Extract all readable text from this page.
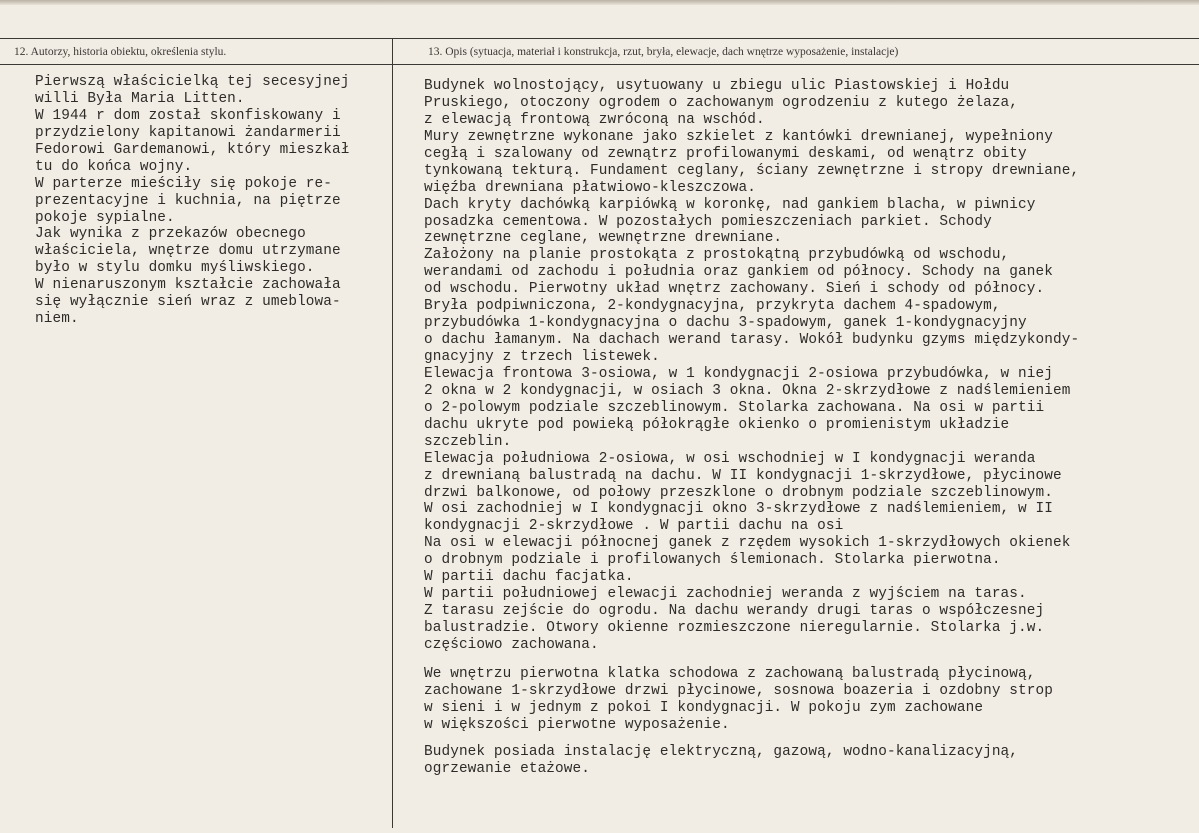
12. Autorzy, historia obiektu, określenia stylu.	13. Opis (sytuacja, materiał i konstrukcja, rzut, bryła, elewacje, dach wnętrze wyposażenie, instalacje)
Pierwszą właścicielką tej secesyjnej
willi Była Maria Litten.
W 1944 r dom został skonfiskowany i
przydzielony kapitanowi żandarmerii
Fedorowi Gardemanowi, który mieszkał
tu do końca wojny.
W parterze mieściły się pokoje re-
prezentacyjne i kuchnia, na piętrze
pokoje sypialne.
Jak wynika z przekazów obecnego
właściciela, wnętrze domu utrzymane
było w stylu domku myśliwskiego.
W nienaruszonym kształcie zachowała
się wyłącznie sień wraz z umeblowa-
niem.
Budynek wolnostojący, usytuowany u zbiegu ulic Piastowskiej i Hołdu
Pruskiego, otoczony ogrodem o zachowanym ogrodzeniu z kutego żelaza,
z elewacją frontową zwróconą na wschód.
Mury zewnętrzne wykonane jako szkielet z kantówki drewnianej, wypełniony
cegłą i szalowany od zewnątrz profilowanymi deskami, od wenątrz obity
tynkowaną tekturą. Fundament ceglany, ściany zewnętrzne i stropy drewniane,
więźba drewniana płatwiowo-kleszczowa.
Dach kryty dachówką karpiówką w koronkę, nad gankiem blacha, w piwnicy
posadzka cementowa. W pozostałych pomieszczeniach parkiet. Schody
zewnętrzne ceglane, wewnętrzne drewniane.
Założony na planie prostokąta z prostokątną przybudówką od wschodu,
werandami od zachodu i południa oraz gankiem od północy. Schody na ganek
od wschodu. Pierwotny układ wnętrz zachowany. Sień i schody od północy.
Bryła podpiwniczona, 2-kondygnacyjna, przykryta dachem 4-spadowym,
przybudówka 1-kondygnacyjna o dachu 3-spadowym, ganek 1-kondygnacyjny
o dachu łamanym. Na dachach werand tarasy. Wokół budynku gzyms międzykondy-
gnacyjny z trzech listewek.
Elewacja frontowa 3-osiowa, w 1 kondygnacji 2-osiowa przybudówka, w niej
2 okna w 2 kondygnacji, w osiach 3 okna. Okna 2-skrzydłowe z nadślemieniem
o 2-polowym podziale szczeblinowym. Stolarka zachowana. Na osi w partii
dachu ukryte pod powieką półokrągłe okienko o promienistym układzie
szczeblin.
Elewacja południowa 2-osiowa, w osi wschodniej w I kondygnacji weranda
z drewnianą balustradą na dachu. W II kondygnacji 1-skrzydłowe, płycinowe
drzwi balkonowe, od połowy przeszklone o drobnym podziale szczeblinowym.
W osi zachodniej w I kondygnacji okno 3-skrzydłowe z nadślemieniem, w II
kondygnacji 2-skrzydłowe . W partii dachu na osi
Na osi w elewacji północnej ganek z rzędem wysokich 1-skrzydłowych okienek
o drobnym podziale i profilowanych ślemionach. Stolarka pierwotna.
W partii dachu facjatka.
W partii południowej elewacji zachodniej weranda z wyjściem na taras.
Z tarasu zejście do ogrodu. Na dachu werandy drugi taras o współczesnej
balustradzie. Otwory okienne rozmieszczone nieregularnie. Stolarka j.w.
częściowo zachowana.
We wnętrzu pierwotna klatka schodowa z zachowaną balustradą płycinową,
zachowane 1-skrzydłowe drzwi płycinowe, sosnowa boazeria i ozdobny strop
w sieni i w jednym z pokoi I kondygnacji. W pokoju zym zachowane
w większości pierwotne wyposażenie.
Budynek posiada instalację elektryczną, gazową, wodno-kanalizacyjną,
ogrzewanie etażowe.
